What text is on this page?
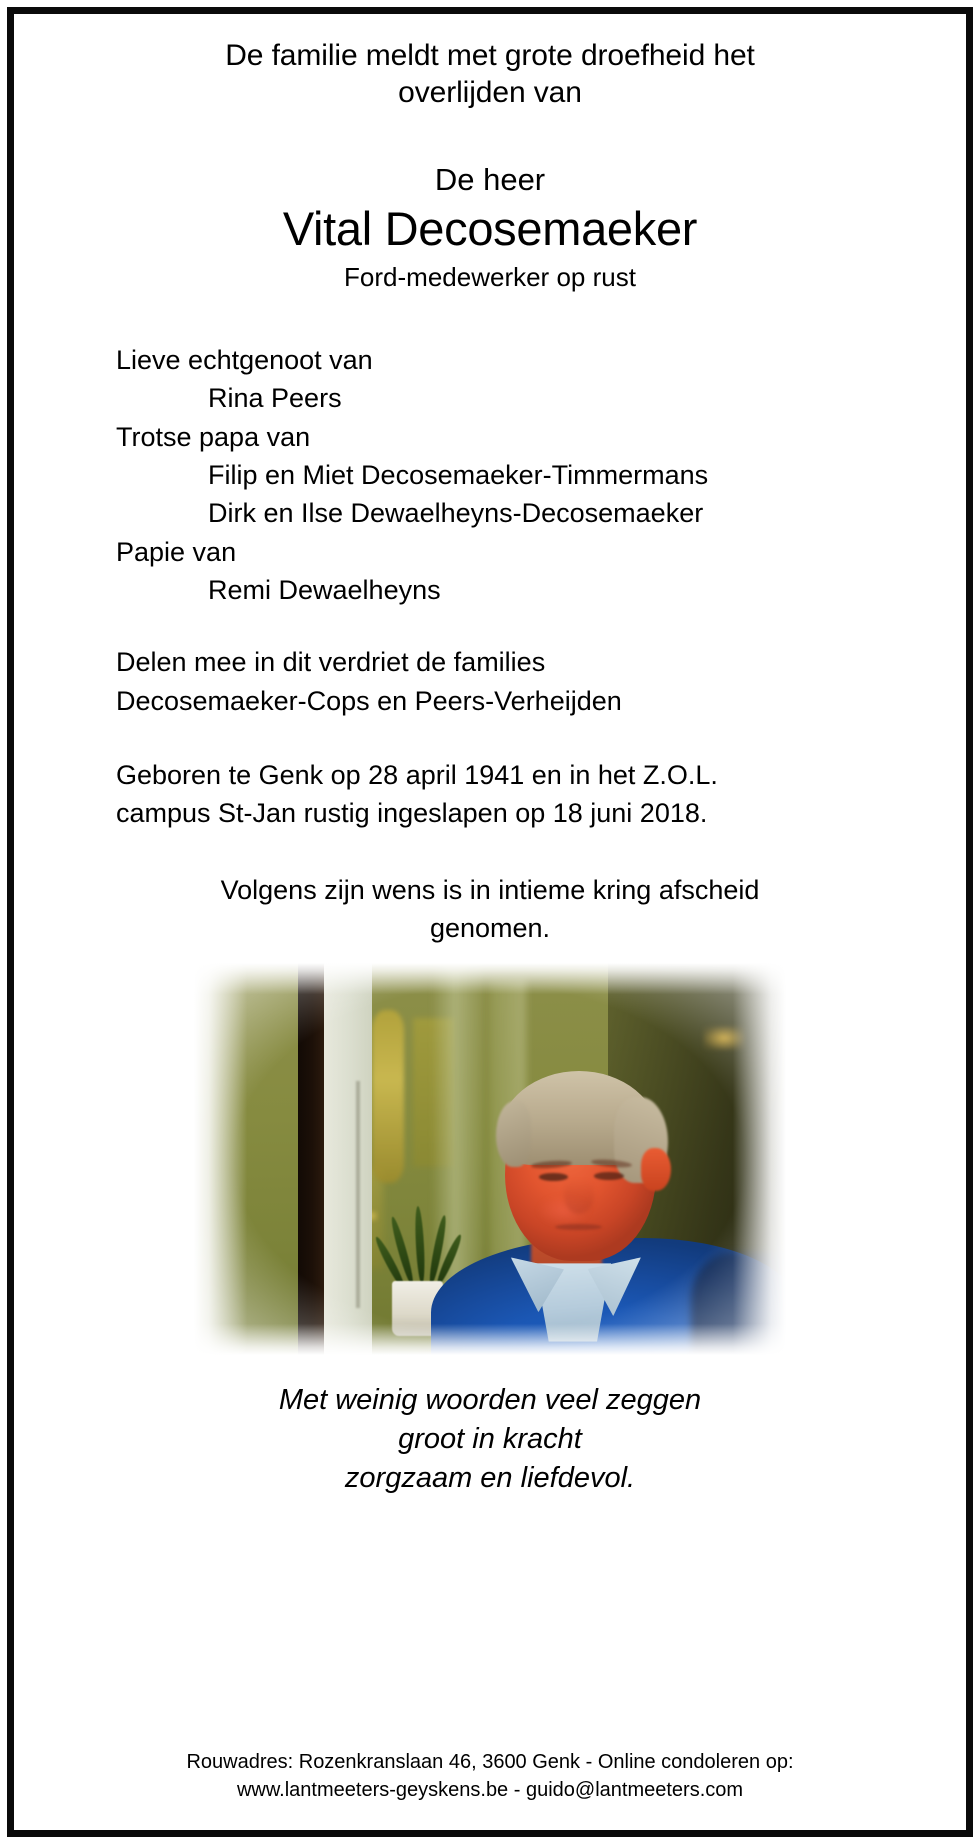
De familie meldt met grote droefheid het
overlijden van
De heer
Vital Decosemaeker
Ford-medewerker op rust
Lieve echtgenoot van
Rina Peers
Trotse papa van
Filip en Miet Decosemaeker-Timmermans
Dirk en Ilse Dewaelheyns-Decosemaeker
Papie van
Remi Dewaelheyns
Delen mee in dit verdriet de families
Decosemaeker-Cops en Peers-Verheijden
Geboren te Genk op 28 april 1941 en in het Z.O.L.
campus St-Jan rustig ingeslapen op 18 juni 2018.
Volgens zijn wens is in intieme kring afscheid
genomen.
Met weinig woorden veel zeggen
groot in kracht
zorgzaam en liefdevol.
Rouwadres: Rozenkranslaan 46, 3600 Genk - Online condoleren op:
www.lantmeeters-geyskens.be - guido@lantmeeters.com
